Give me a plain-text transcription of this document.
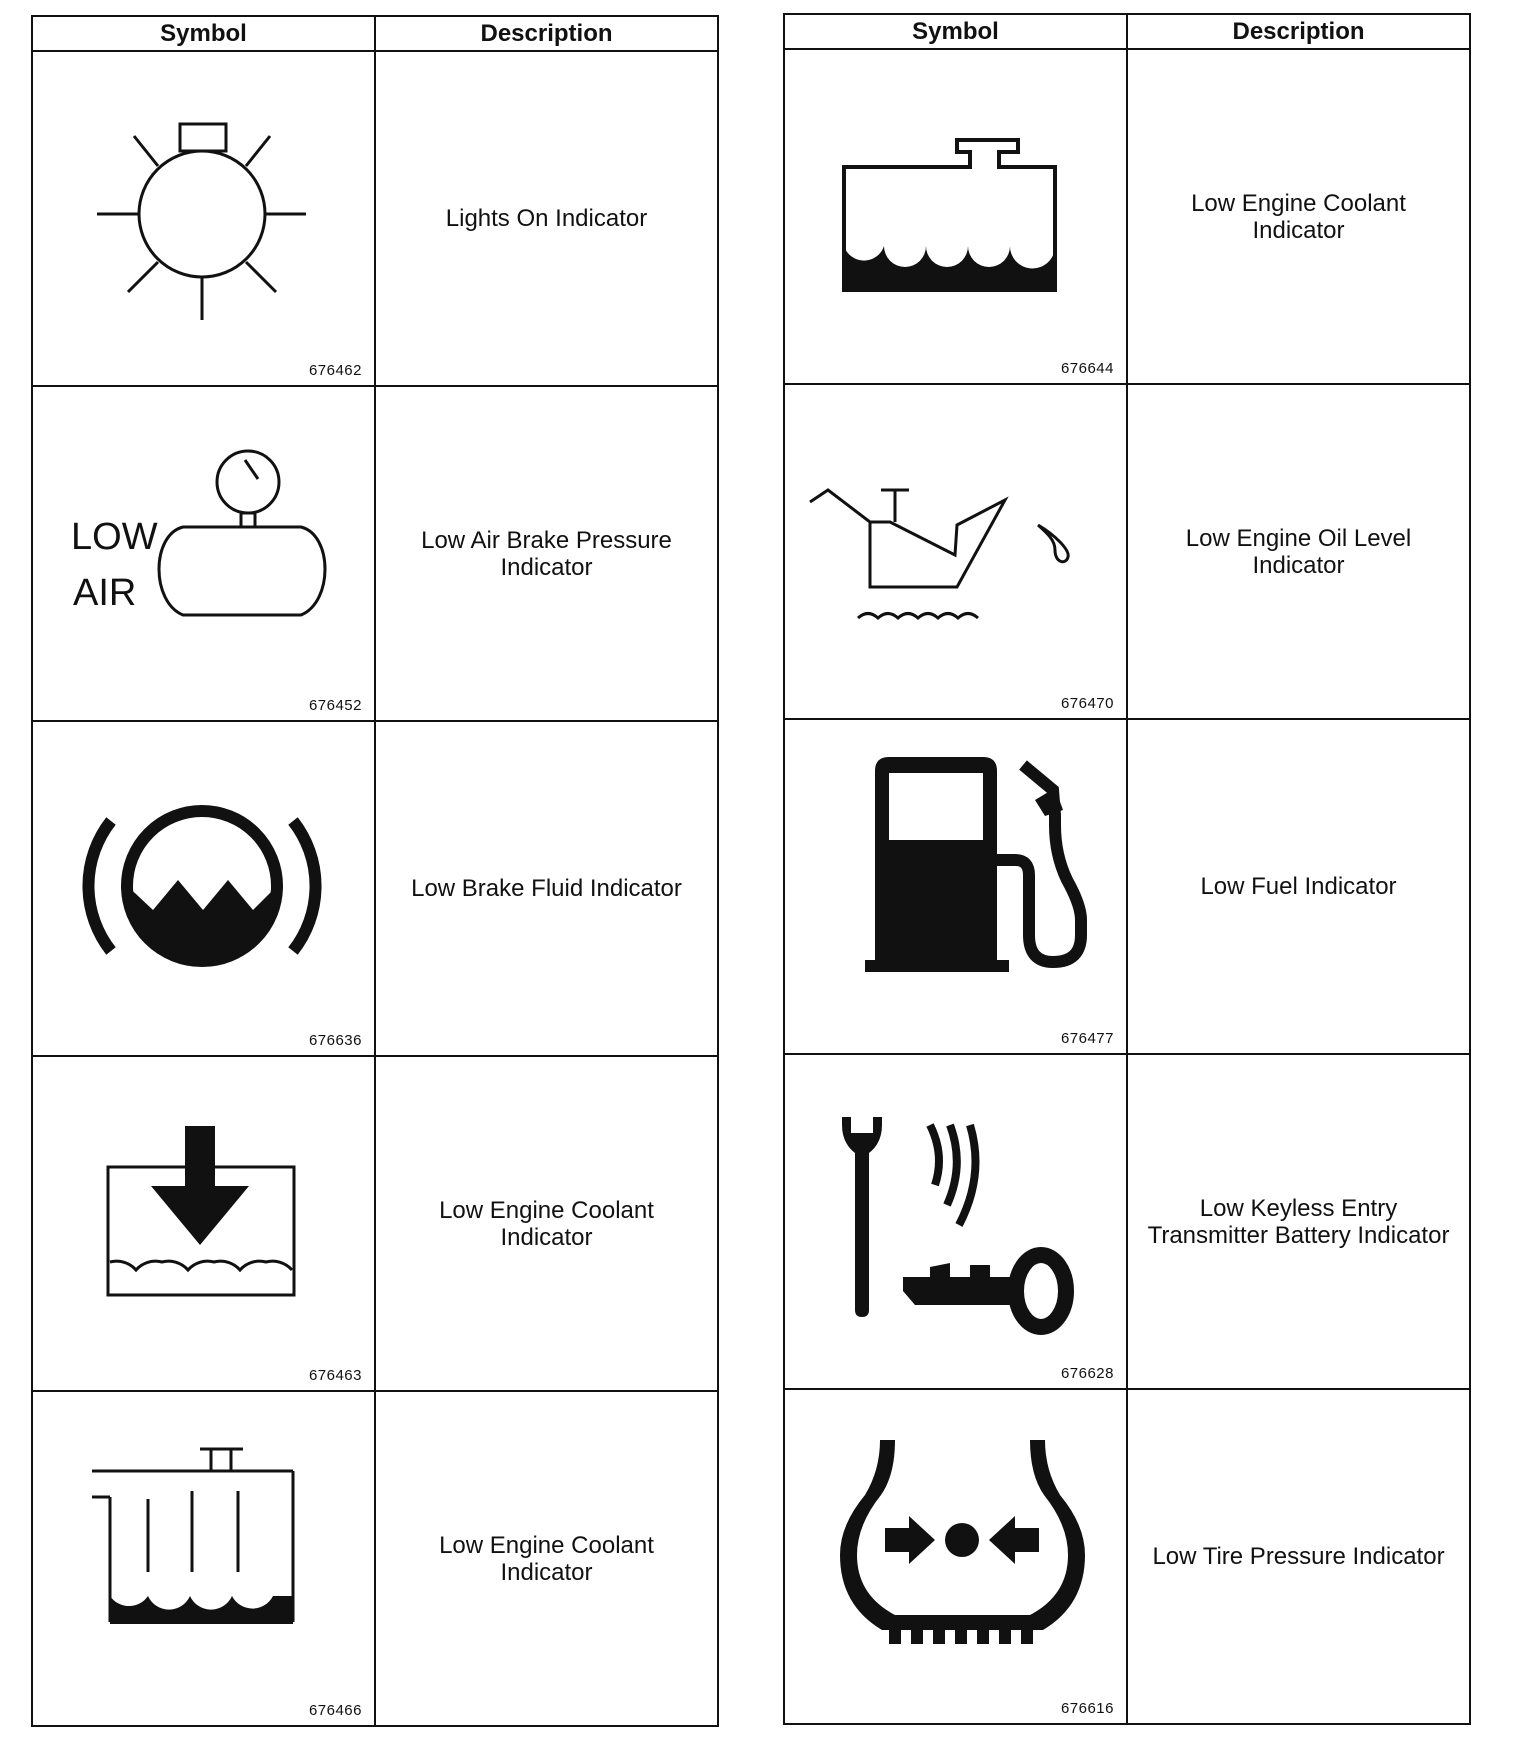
Symbol	Description

676462	Lights On Indicator

LOW
AIR
676452	Low Air Brake Pressure
Indicator

676636	Low Brake Fluid Indicator

676463	Low Engine Coolant
Indicator

676466	Low Engine Coolant
Indicator
Symbol	Description

676644	Low Engine Coolant
Indicator

676470	Low Engine Oil Level
Indicator

676477	Low Fuel Indicator

676628	Low Keyless Entry
Transmitter Battery Indicator

676616	Low Tire Pressure Indicator
